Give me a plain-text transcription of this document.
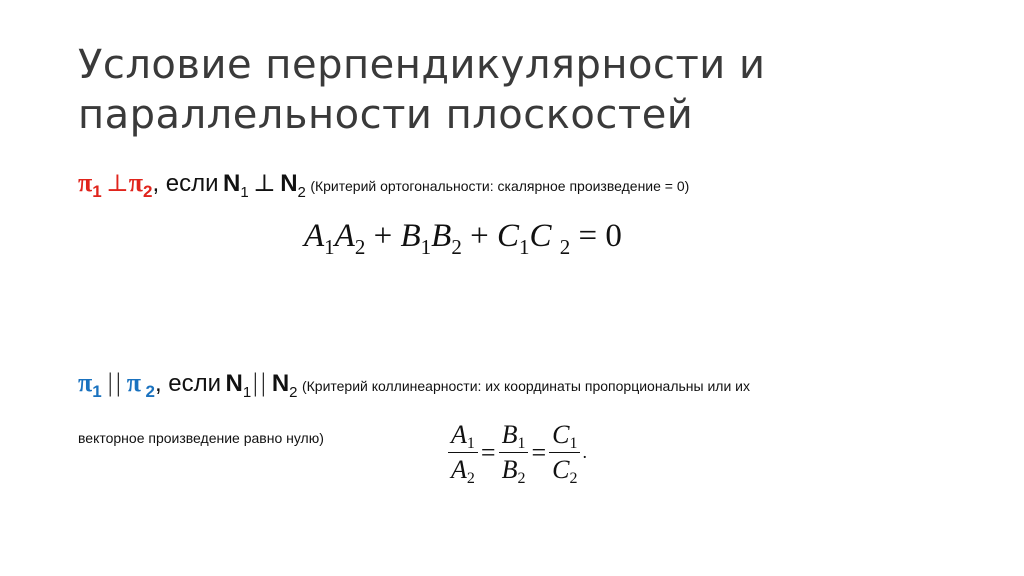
Условие перпендикулярности и
параллельности плоскостей
π1 ⊥π2, если N1 ⊥ N2 (Критерий ортогональности: скалярное произведение = 0)
$A_1A_2 + B_1B_2 + C_1C$ $_2$ = 0
π1 || π 2, если N1|| N2 (Критерий коллинеарности: их координаты пропорциональны или их
векторное произведение равно нулю)	$\frac{A1}{A2} = \frac{B1}{B2} = \frac{C1}{C2}$ .
